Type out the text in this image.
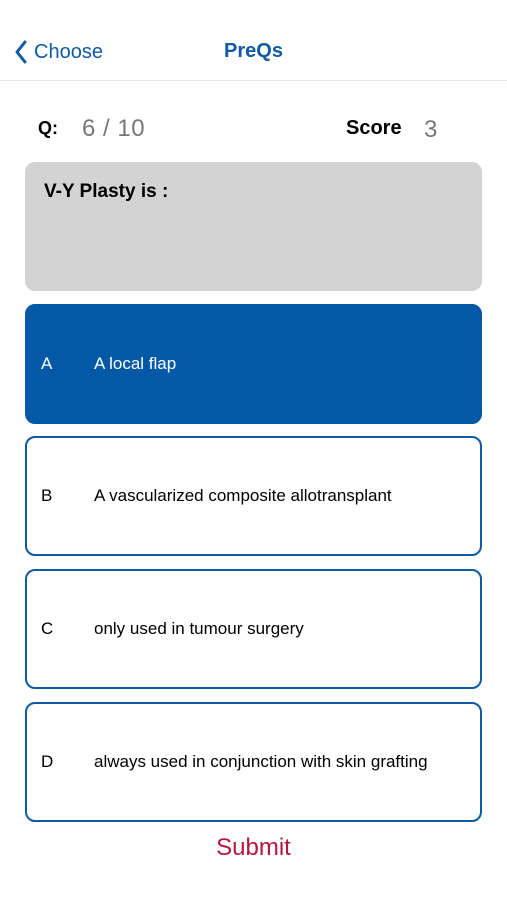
Choose	PreQs
Q: 6 / 10	Score 3
V-Y Plasty is :
A A local flap
B A vascularized composite allotransplant
C only used in tumour surgery
D always used in conjunction with skin grafting
Submit
